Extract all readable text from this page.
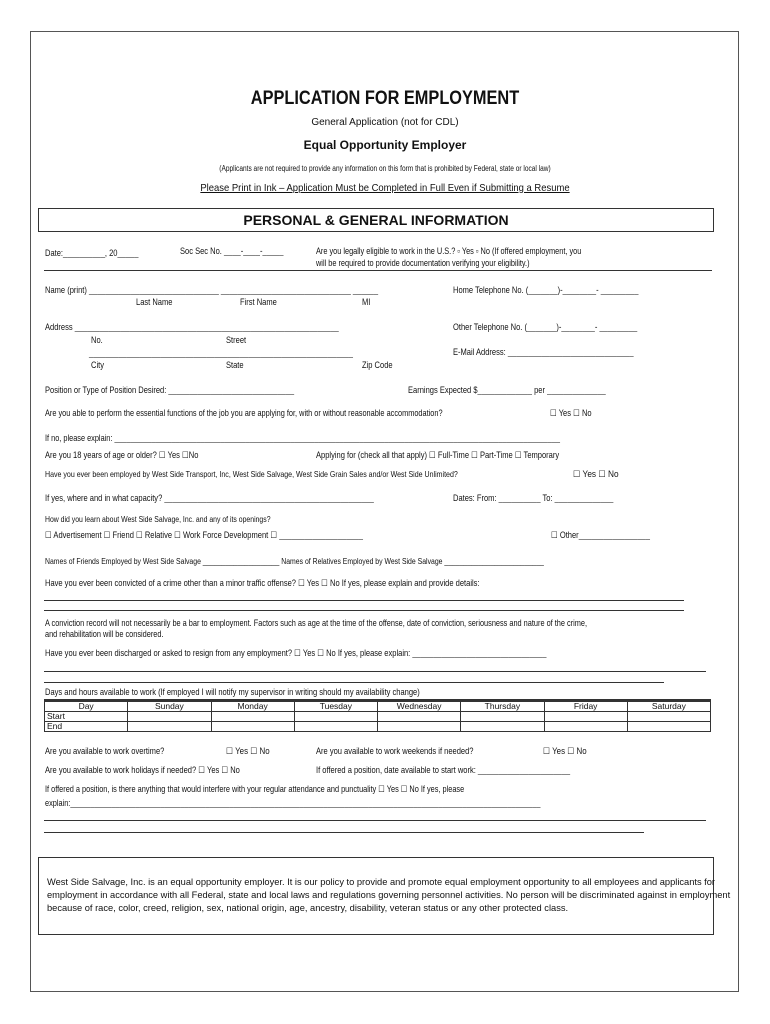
APPLICATION FOR EMPLOYMENT
General Application (not for CDL)
Equal Opportunity Employer
(Applicants are not required to provide any information on this form that is prohibited by Federal, state or local law)
Please Print in Ink – Application Must be Completed in Full Even if Submitting a Resume
PERSONAL & GENERAL INFORMATION
Date:__________, 20_____	Soc Sec No. ____-____-_____	Are you legally eligible to work in the U.S.? ▫ Yes ▫ No (If offered employment, you
will be required to provide documentation verifying your eligibility.)
Name (print) _______________________________ _______________________________ ______
Last Name	First Name	MI
Home Telephone No. (_______)-________- _________
Address _______________________________________________________________
No.	Street
Other Telephone No. (_______)-________- _________
_______________________________________________________________	E-Mail Address: ______________________________
City	State	Zip Code
Position or Type of Position Desired: ______________________________	Earnings Expected $_____________ per ______________
Are you able to perform the essential functions of the job you are applying for, with or without reasonable accommodation?	☐ Yes ☐ No
If no, please explain: _____________________________________________________________________________________________________________
Are you 18 years of age or older? ☐ Yes ☐No	Applying for (check all that apply) ☐ Full-Time ☐ Part-Time ☐ Temporary
Have you ever been employed by West Side Transport, Inc, West Side Salvage, West Side Grain Sales and/or West Side Unlimited?	☐ Yes ☐ No
If yes, where and in what capacity? __________________________________________________	Dates: From: __________ To: ______________
How did you learn about West Side Salvage, Inc. and any of its openings?
☐ Advertisement ☐ Friend ☐ Relative ☐ Work Force Development ☐ ____________________	☐ Other_________________
Names of Friends Employed by West Side Salvage ____________________ Names of Relatives Employed by West Side Salvage __________________________
Have you ever been convicted of a crime other than a minor traffic offense? ☐ Yes ☐ No If yes, please explain and provide details:
A conviction record will not necessarily be a bar to employment. Factors such as age at the time of the offense, date of conviction, seriousness and nature of the crime,
and rehabilitation will be considered.
Have you ever been discharged or asked to resign from any employment? ☐ Yes ☐ No If yes, please explain: ________________________________
Days and hours available to work (If employed I will notify my supervisor in writing should my availability change)
Day	Sunday	Monday	Tuesday	Wednesday	Thursday	Friday	Saturday
Start							
End							
Are you available to work overtime?	☐ Yes ☐ No	Are you available to work weekends if needed?	☐ Yes ☐ No
Are you available to work holidays if needed? ☐ Yes ☐ No	If offered a position, date available to start work: ______________________
If offered a position, is there anything that would interfere with your regular attendance and punctuality ☐ Yes ☐ No If yes, please
explain:___________________________________________________________________________________________________________________
West Side Salvage, Inc. is an equal opportunity employer. It is our policy to provide and promote equal employment opportunity to all employees and applicants for employment in accordance with all Federal, state and local laws and regulations governing personnel activities. No person will be discriminated against in employment because of race, color, creed, religion, sex, national origin, age, ancestry, disability, veteran status or any other protected class.
